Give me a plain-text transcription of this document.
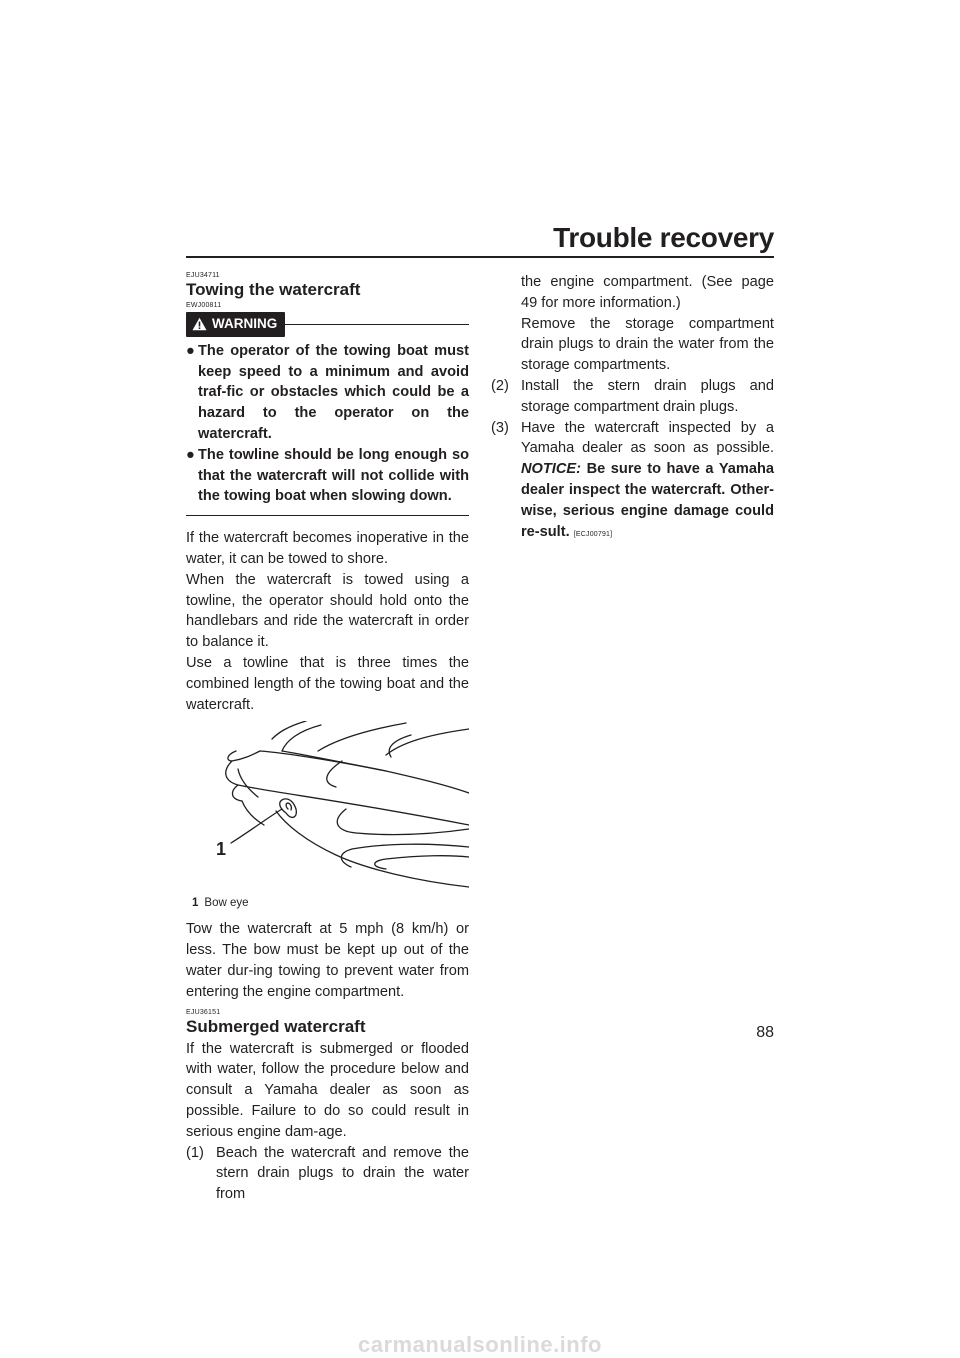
Trouble recovery
EJU34711
Towing the watercraft
EWJ00811
WARNING
● The operator of the towing boat must keep speed to a minimum and avoid traf-fic or obstacles which could be a hazard to the operator on the watercraft.
● The towline should be long enough so that the watercraft will not collide with the towing boat when slowing down.

If the watercraft becomes inoperative in the water, it can be towed to shore.

When the watercraft is towed using a towline, the operator should hold onto the handlebars and ride the watercraft in order to balance it.

Use a towline that is three times the combined length of the towing boat and the watercraft.

1
1 Bow eye

Tow the watercraft at 5 mph (8 km/h) or less. The bow must be kept up out of the water dur-ing towing to prevent water from entering the engine compartment.

EJU36151
Submerged watercraft

If the watercraft is submerged or flooded with water, follow the procedure below and consult a Yamaha dealer as soon as possible. Failure to do so could result in serious engine dam-age.

(1) Beach the watercraft and remove the stern drain plugs to drain the water from

the engine compartment. (See page 49 for more information.)

Remove the storage compartment drain plugs to drain the water from the storage compartments.

(2) Install the stern drain plugs and storage compartment drain plugs.
(3) Have the watercraft inspected by a Yamaha dealer as soon as possible. NOTICE: Be sure to have a Yamaha dealer inspect the watercraft. Other-wise, serious engine damage could re-sult. [ECJ00791]
88
carmanualsonline.info
